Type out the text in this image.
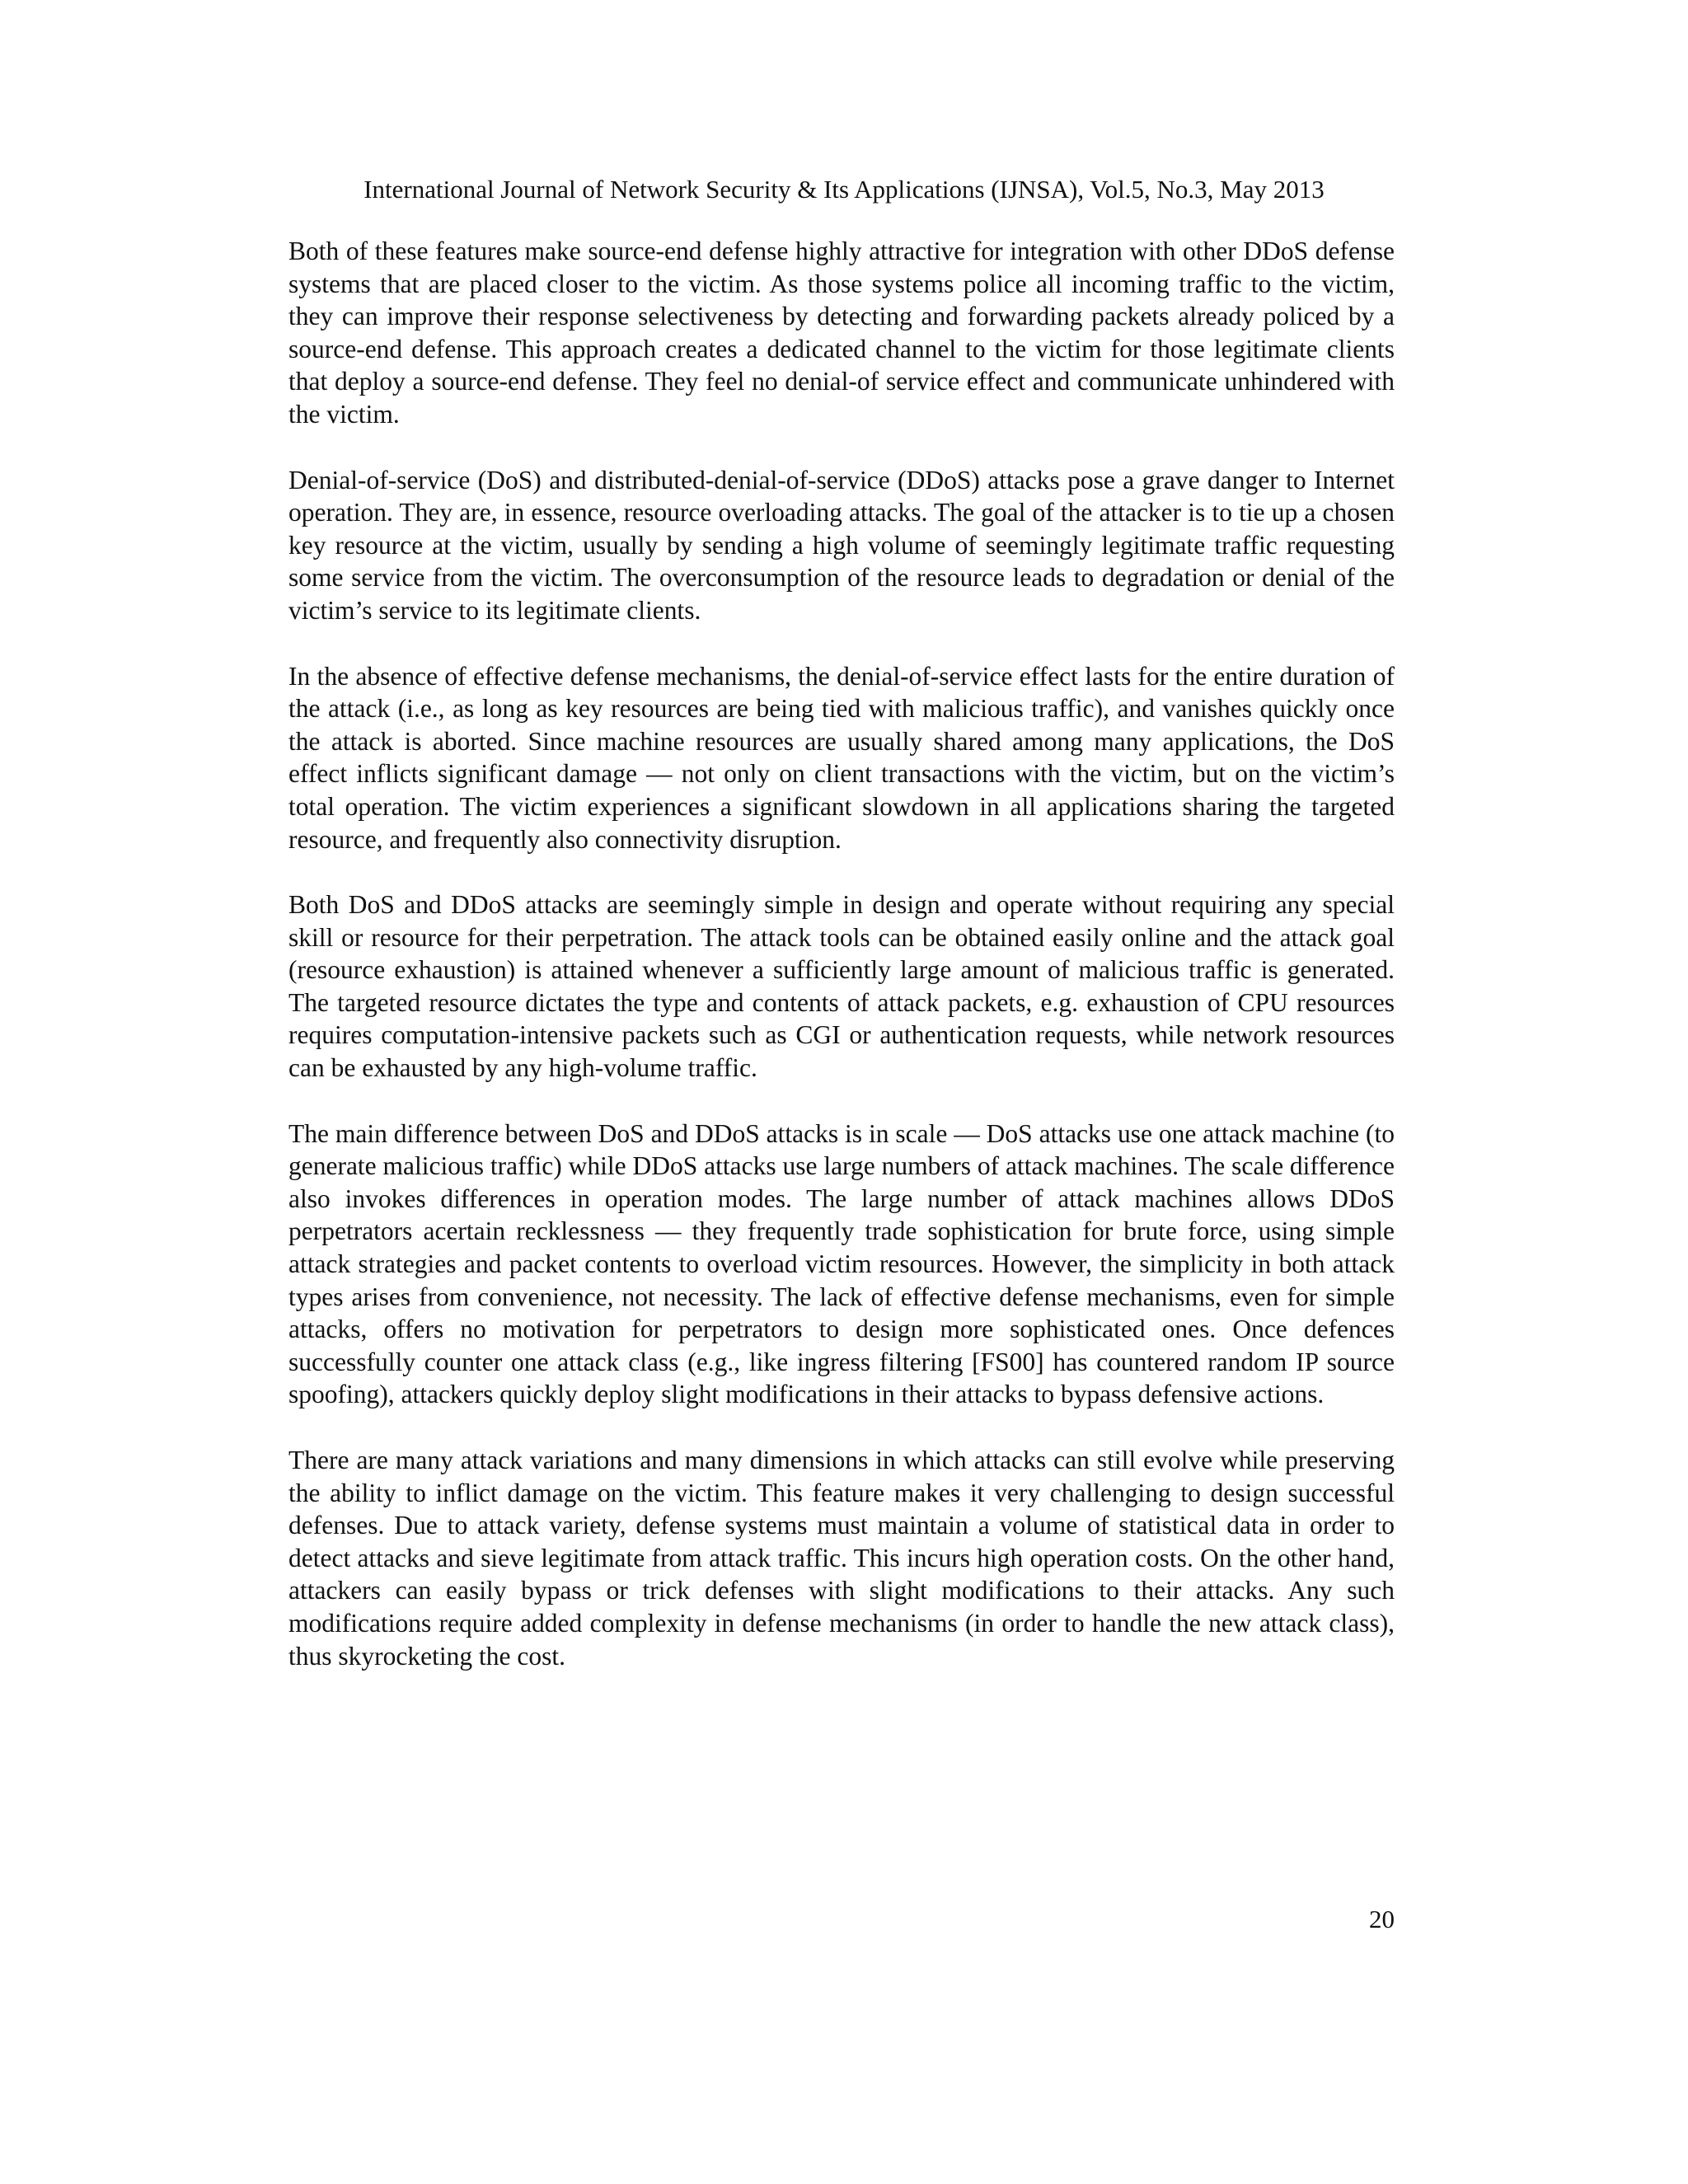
International Journal of Network Security & Its Applications (IJNSA), Vol.5, No.3, May 2013

Both of these features make source-end defense highly attractive for integration with other DDoS defense systems that are placed closer to the victim. As those systems police all incoming traffic to the victim, they can improve their response selectiveness by detecting and forwarding packets already policed by a source-end defense. This approach creates a dedicated channel to the victim for those legitimate clients that deploy a source-end defense. They feel no denial-of service effect and communicate unhindered with the victim.

Denial-of-service (DoS) and distributed-denial-of-service (DDoS) attacks pose a grave danger to Internet operation. They are, in essence, resource overloading attacks. The goal of the attacker is to tie up a chosen key resource at the victim, usually by sending a high volume of seemingly legitimate traffic requesting some service from the victim. The overconsumption of the resource leads to degradation or denial of the victim’s service to its legitimate clients.

In the absence of effective defense mechanisms, the denial-of-service effect lasts for the entire duration of the attack (i.e., as long as key resources are being tied with malicious traffic), and vanishes quickly once the attack is aborted. Since machine resources are usually shared among many applications, the DoS effect inflicts significant damage — not only on client transactions with the victim, but on the victim’s total operation. The victim experiences a significant slowdown in all applications sharing the targeted resource, and frequently also connectivity disruption.

Both DoS and DDoS attacks are seemingly simple in design and operate without requiring any special skill or resource for their perpetration. The attack tools can be obtained easily online and the attack goal (resource exhaustion) is attained whenever a sufficiently large amount of malicious traffic is generated. The targeted resource dictates the type and contents of attack packets, e.g. exhaustion of CPU resources requires computation-intensive packets such as CGI or authentication requests, while network resources can be exhausted by any high-volume traffic.

The main difference between DoS and DDoS attacks is in scale — DoS attacks use one attack machine (to generate malicious traffic) while DDoS attacks use large numbers of attack machines. The scale difference also invokes differences in operation modes. The large number of attack machines allows DDoS perpetrators acertain recklessness — they frequently trade sophistication for brute force, using simple attack strategies and packet contents to overload victim resources. However, the simplicity in both attack types arises from convenience, not necessity. The lack of effective defense mechanisms, even for simple attacks, offers no motivation for perpetrators to design more sophisticated ones. Once defences successfully counter one attack class (e.g., like ingress filtering [FS00] has countered random IP source spoofing), attackers quickly deploy slight modifications in their attacks to bypass defensive actions.

There are many attack variations and many dimensions in which attacks can still evolve while preserving the ability to inflict damage on the victim. This feature makes it very challenging to design successful defenses. Due to attack variety, defense systems must maintain a volume of statistical data in order to detect attacks and sieve legitimate from attack traffic. This incurs high operation costs. On the other hand, attackers can easily bypass or trick defenses with slight modifications to their attacks. Any such modifications require added complexity in defense mechanisms (in order to handle the new attack class), thus skyrocketing the cost.

20
